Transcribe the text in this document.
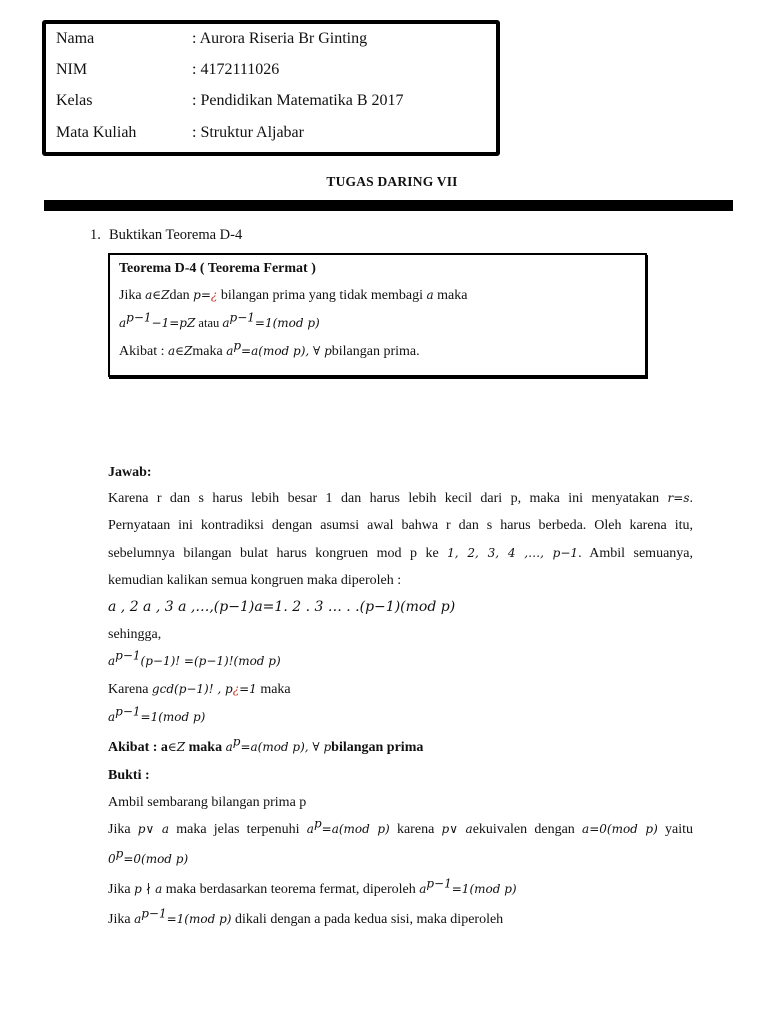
Nama	: Aurora Riseria Br Ginting
NIM	: 4172111026
Kelas	: Pendidikan Matematika B 2017
Mata Kuliah	: Struktur Aljabar
TUGAS DARING VII
1. Buktikan Teorema D-4
Teorema D-4 ( Teorema Fermat )
Jika a∈Zdan p=¿ bilangan prima yang tidak membagi a maka
$a^{p-1}-1=pZ$ atau $a^{p-1}=1(mod$ p)
Akibat : a∈Zmaka $a^p=a(mod$ p), ∀ pbilangan prima.
Jawab:
Karena r dan s harus lebih besar 1 dan harus lebih kecil dari p, maka ini menyatakan r=s.
Pernyataan ini kontradiksi dengan asumsi awal bahwa r dan s harus berbeda. Oleh karena itu,
sebelumnya bilangan bulat harus kongruen mod p ke 1, 2, 3, 4 ,…, p−1. Ambil semuanya,
kemudian kalikan semua kongruen maka diperoleh :
a , 2 a , 3 a ,…,(p−1)a=1. 2 . 3 … . .(p−1)(mod p)
sehingga,
$a^{p-1}(p-1)$! =(p−1)!(mod p)
Karena gcd(p−1)! , p¿=1 maka
$a^{p-1}=1(mod$ p)
Akibat : a∈Z maka $a^p=a(mod$ p), ∀ pbilangan prima
Bukti :
Ambil sembarang bilangan prima p
Jika p∨ a maka jelas terpenuhi $a^p=a(mod$ p) karena p∨ aekuivalen dengan a=0(mod p) yaitu
$0^p=0(mod$ p)
Jika p ∤ a maka berdasarkan teorema fermat, diperoleh $a^{p-1}=1(mod$ p)
Jika $a^{p-1}=1(mod$ p) dikali dengan a pada kedua sisi, maka diperoleh
